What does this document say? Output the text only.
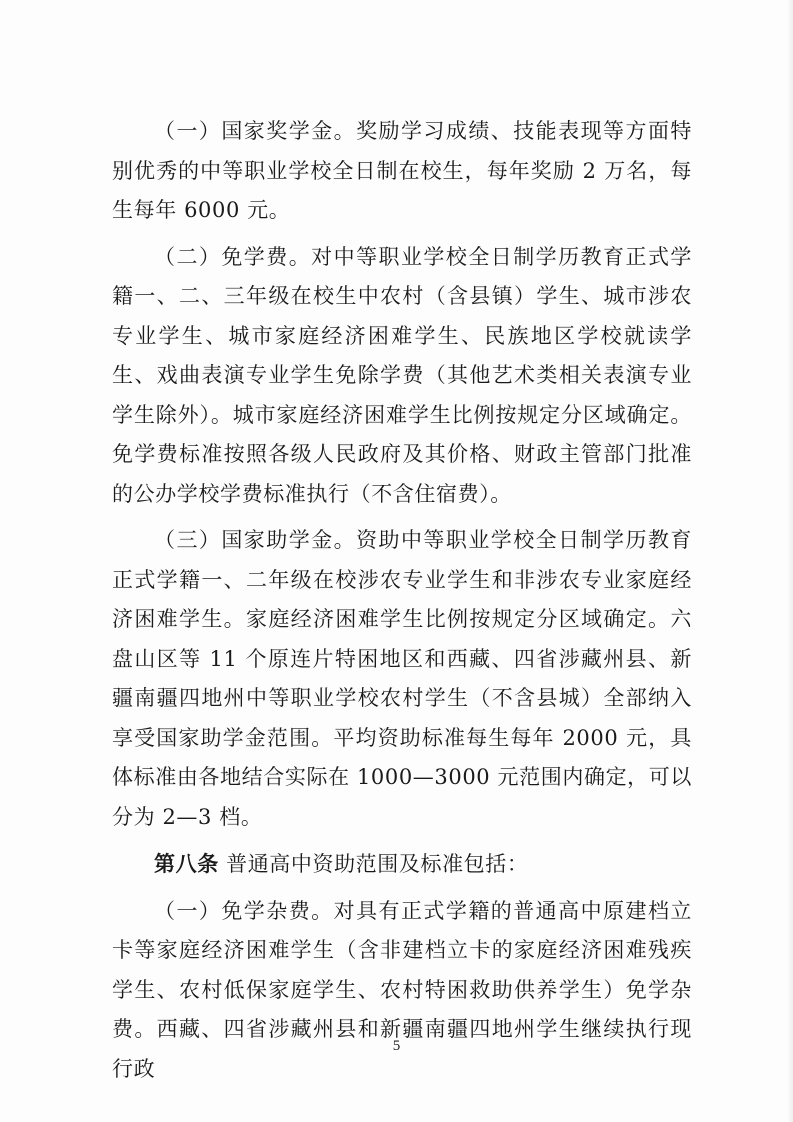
（一）国家奖学金。奖励学习成绩、技能表现等方面特别优秀的中等职业学校全日制在校生，每年奖励 2 万名，每生每年 6000 元。

（二）免学费。对中等职业学校全日制学历教育正式学籍一、二、三年级在校生中农村（含县镇）学生、城市涉农专业学生、城市家庭经济困难学生、民族地区学校就读学生、戏曲表演专业学生免除学费（其他艺术类相关表演专业学生除外）。城市家庭经济困难学生比例按规定分区域确定。免学费标准按照各级人民政府及其价格、财政主管部门批准的公办学校学费标准执行（不含住宿费）。

（三）国家助学金。资助中等职业学校全日制学历教育正式学籍一、二年级在校涉农专业学生和非涉农专业家庭经济困难学生。家庭经济困难学生比例按规定分区域确定。六盘山区等 11 个原连片特困地区和西藏、四省涉藏州县、新疆南疆四地州中等职业学校农村学生（不含县城）全部纳入享受国家助学金范围。平均资助标准每生每年 2000 元，具体标准由各地结合实际在 1000—3000 元范围内确定，可以分为 2—3 档。

第八条 普通高中资助范围及标准包括：

（一）免学杂费。对具有正式学籍的普通高中原建档立卡等家庭经济困难学生（含非建档立卡的家庭经济困难残疾学生、农村低保家庭学生、农村特困救助供养学生）免学杂费。西藏、四省涉藏州县和新疆南疆四地州学生继续执行现行政

5
